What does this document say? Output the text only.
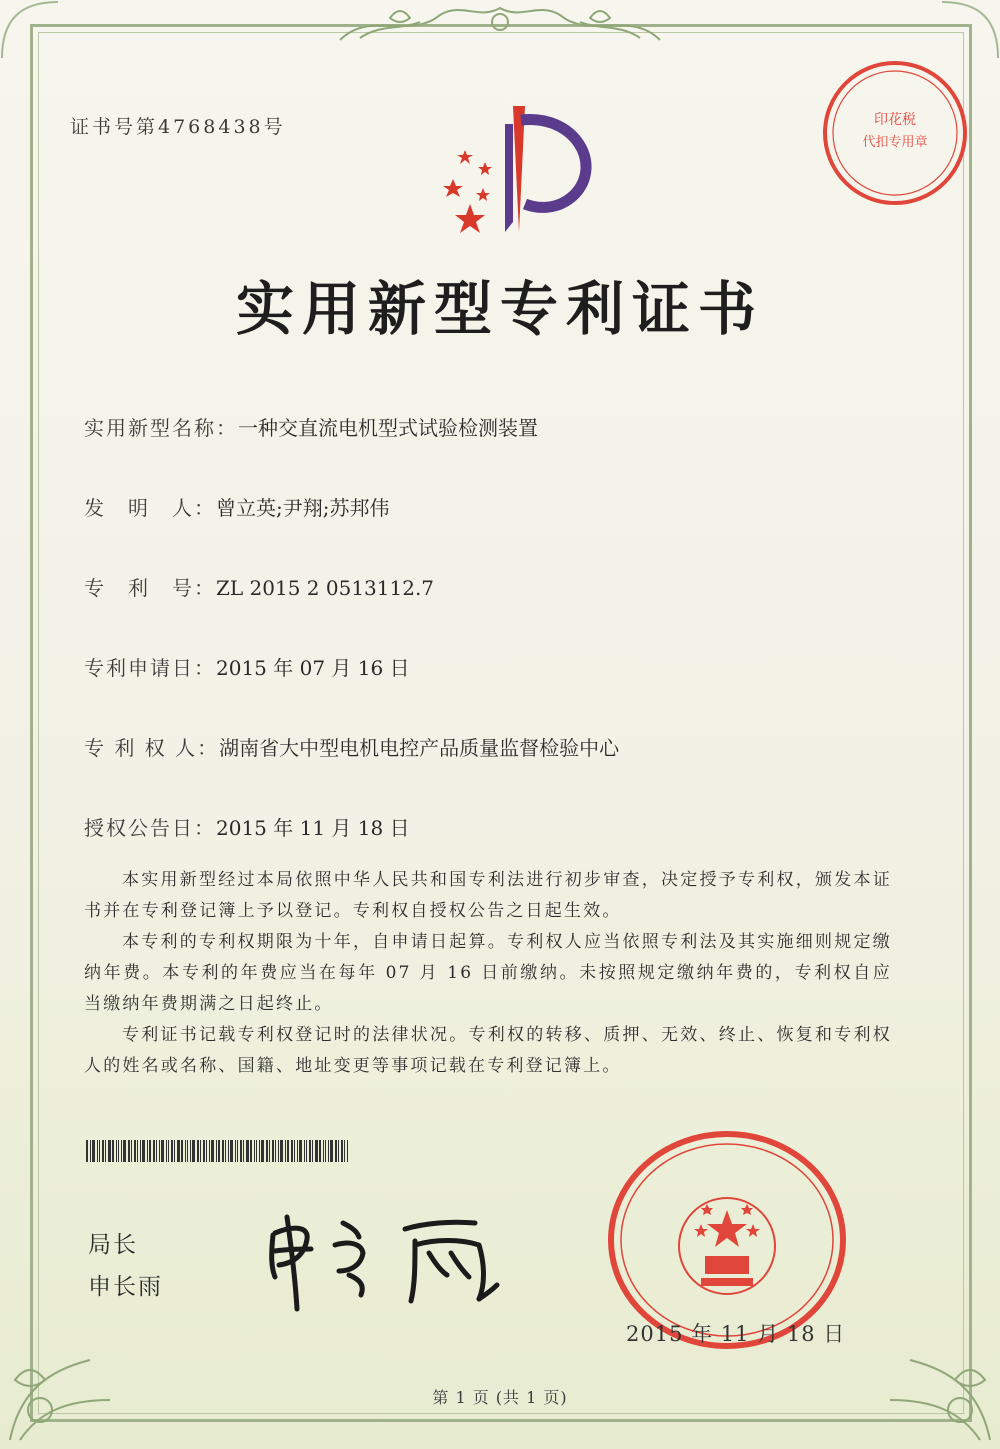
证书号第4768438号	印花税
代扣专用章
实用新型专利证书
实用新型名称：一种交直流电机型式试验检测装置
发　明　人：曾立英;尹翔;苏邦伟
专　利　号：ZL 2015 2 0513112.7
专利申请日：2015 年 07 月 16 日
专 利 权 人：湖南省大中型电机电控产品质量监督检验中心
授权公告日：2015 年 11 月 18 日
本实用新型经过本局依照中华人民共和国专利法进行初步审查，决定授予专利权，颁发本证书并在专利登记簿上予以登记。专利权自授权公告之日起生效。
本专利的专利权期限为十年，自申请日起算。专利权人应当依照专利法及其实施细则规定缴纳年费。本专利的年费应当在每年 07 月 16 日前缴纳。未按照规定缴纳年费的，专利权自应当缴纳年费期满之日起终止。
专利证书记载专利权登记时的法律状况。专利权的转移、质押、无效、终止、恢复和专利权人的姓名或名称、国籍、地址变更等事项记载在专利登记簿上。
局长
申长雨
2015 年 11 月 18 日
第 1 页 (共 1 页)
